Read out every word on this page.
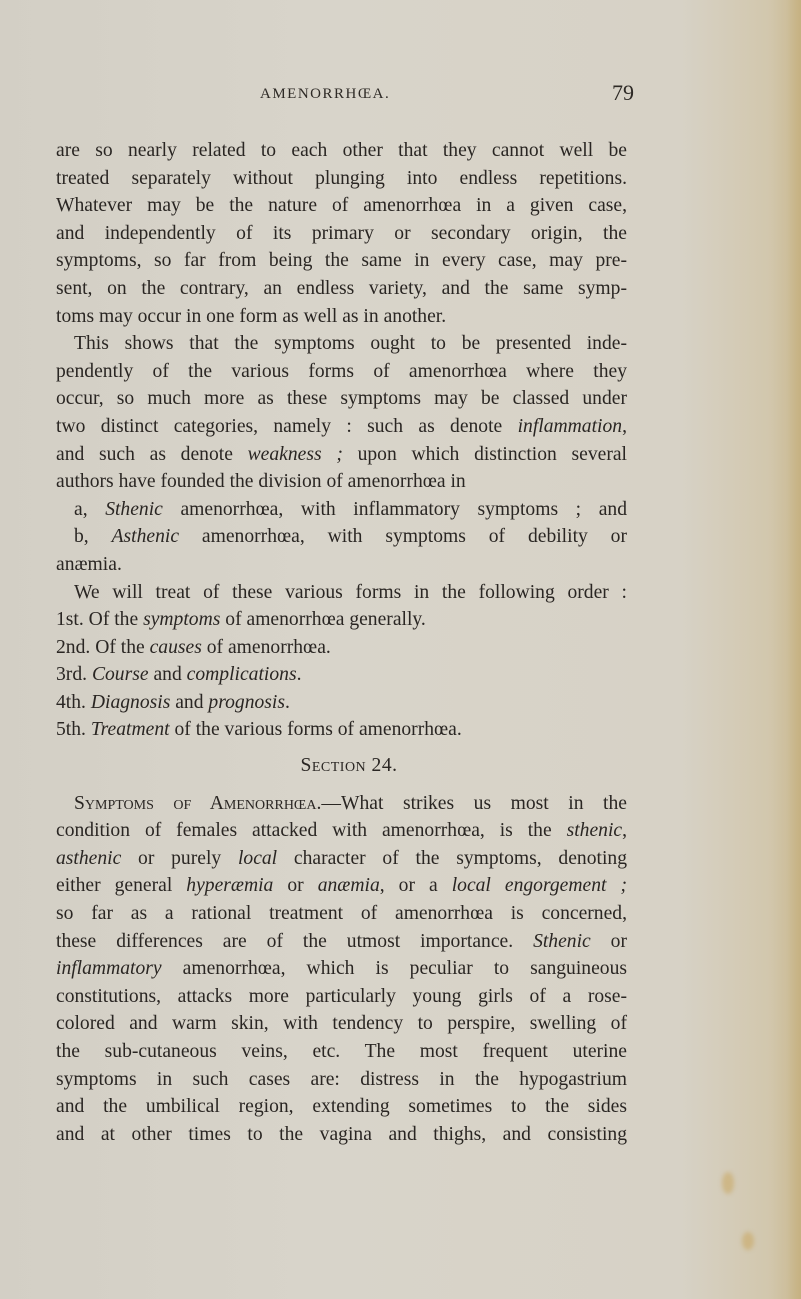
AMENORRHŒA.	79
are so nearly related to each other that they cannot well be
treated separately without plunging into endless repetitions.
Whatever may be the nature of amenorrhœa in a given case,
and independently of its primary or secondary origin, the
symptoms, so far from being the same in every case, may pre-
sent, on the contrary, an endless variety, and the same symp-
toms may occur in one form as well as in another.
This shows that the symptoms ought to be presented inde-
pendently of the various forms of amenorrhœa where they
occur, so much more as these symptoms may be classed under
two distinct categories, namely : such as denote inflammation,
and such as denote weakness ; upon which distinction several
authors have founded the division of amenorrhœa in
a, Sthenic amenorrhœa, with inflammatory symptoms ; and
b, Asthenic amenorrhœa, with symptoms of debility or
anæmia.
We will treat of these various forms in the following order :
1st. Of the symptoms of amenorrhœa generally.
2nd. Of the causes of amenorrhœa.
3rd. Course and complications.
4th. Diagnosis and prognosis.
5th. Treatment of the various forms of amenorrhœa.
Section 24.
Symptoms of Amenorrhœa.—What strikes us most in the
condition of females attacked with amenorrhœa, is the sthenic,
asthenic or purely local character of the symptoms, denoting
either general hyperæmia or anæmia, or a local engorgement ;
so far as a rational treatment of amenorrhœa is concerned,
these differences are of the utmost importance. Sthenic or
inflammatory amenorrhœa, which is peculiar to sanguineous
constitutions, attacks more particularly young girls of a rose-
colored and warm skin, with tendency to perspire, swelling of
the sub-cutaneous veins, etc. The most frequent uterine
symptoms in such cases are: distress in the hypogastrium
and the umbilical region, extending sometimes to the sides
and at other times to the vagina and thighs, and consisting
